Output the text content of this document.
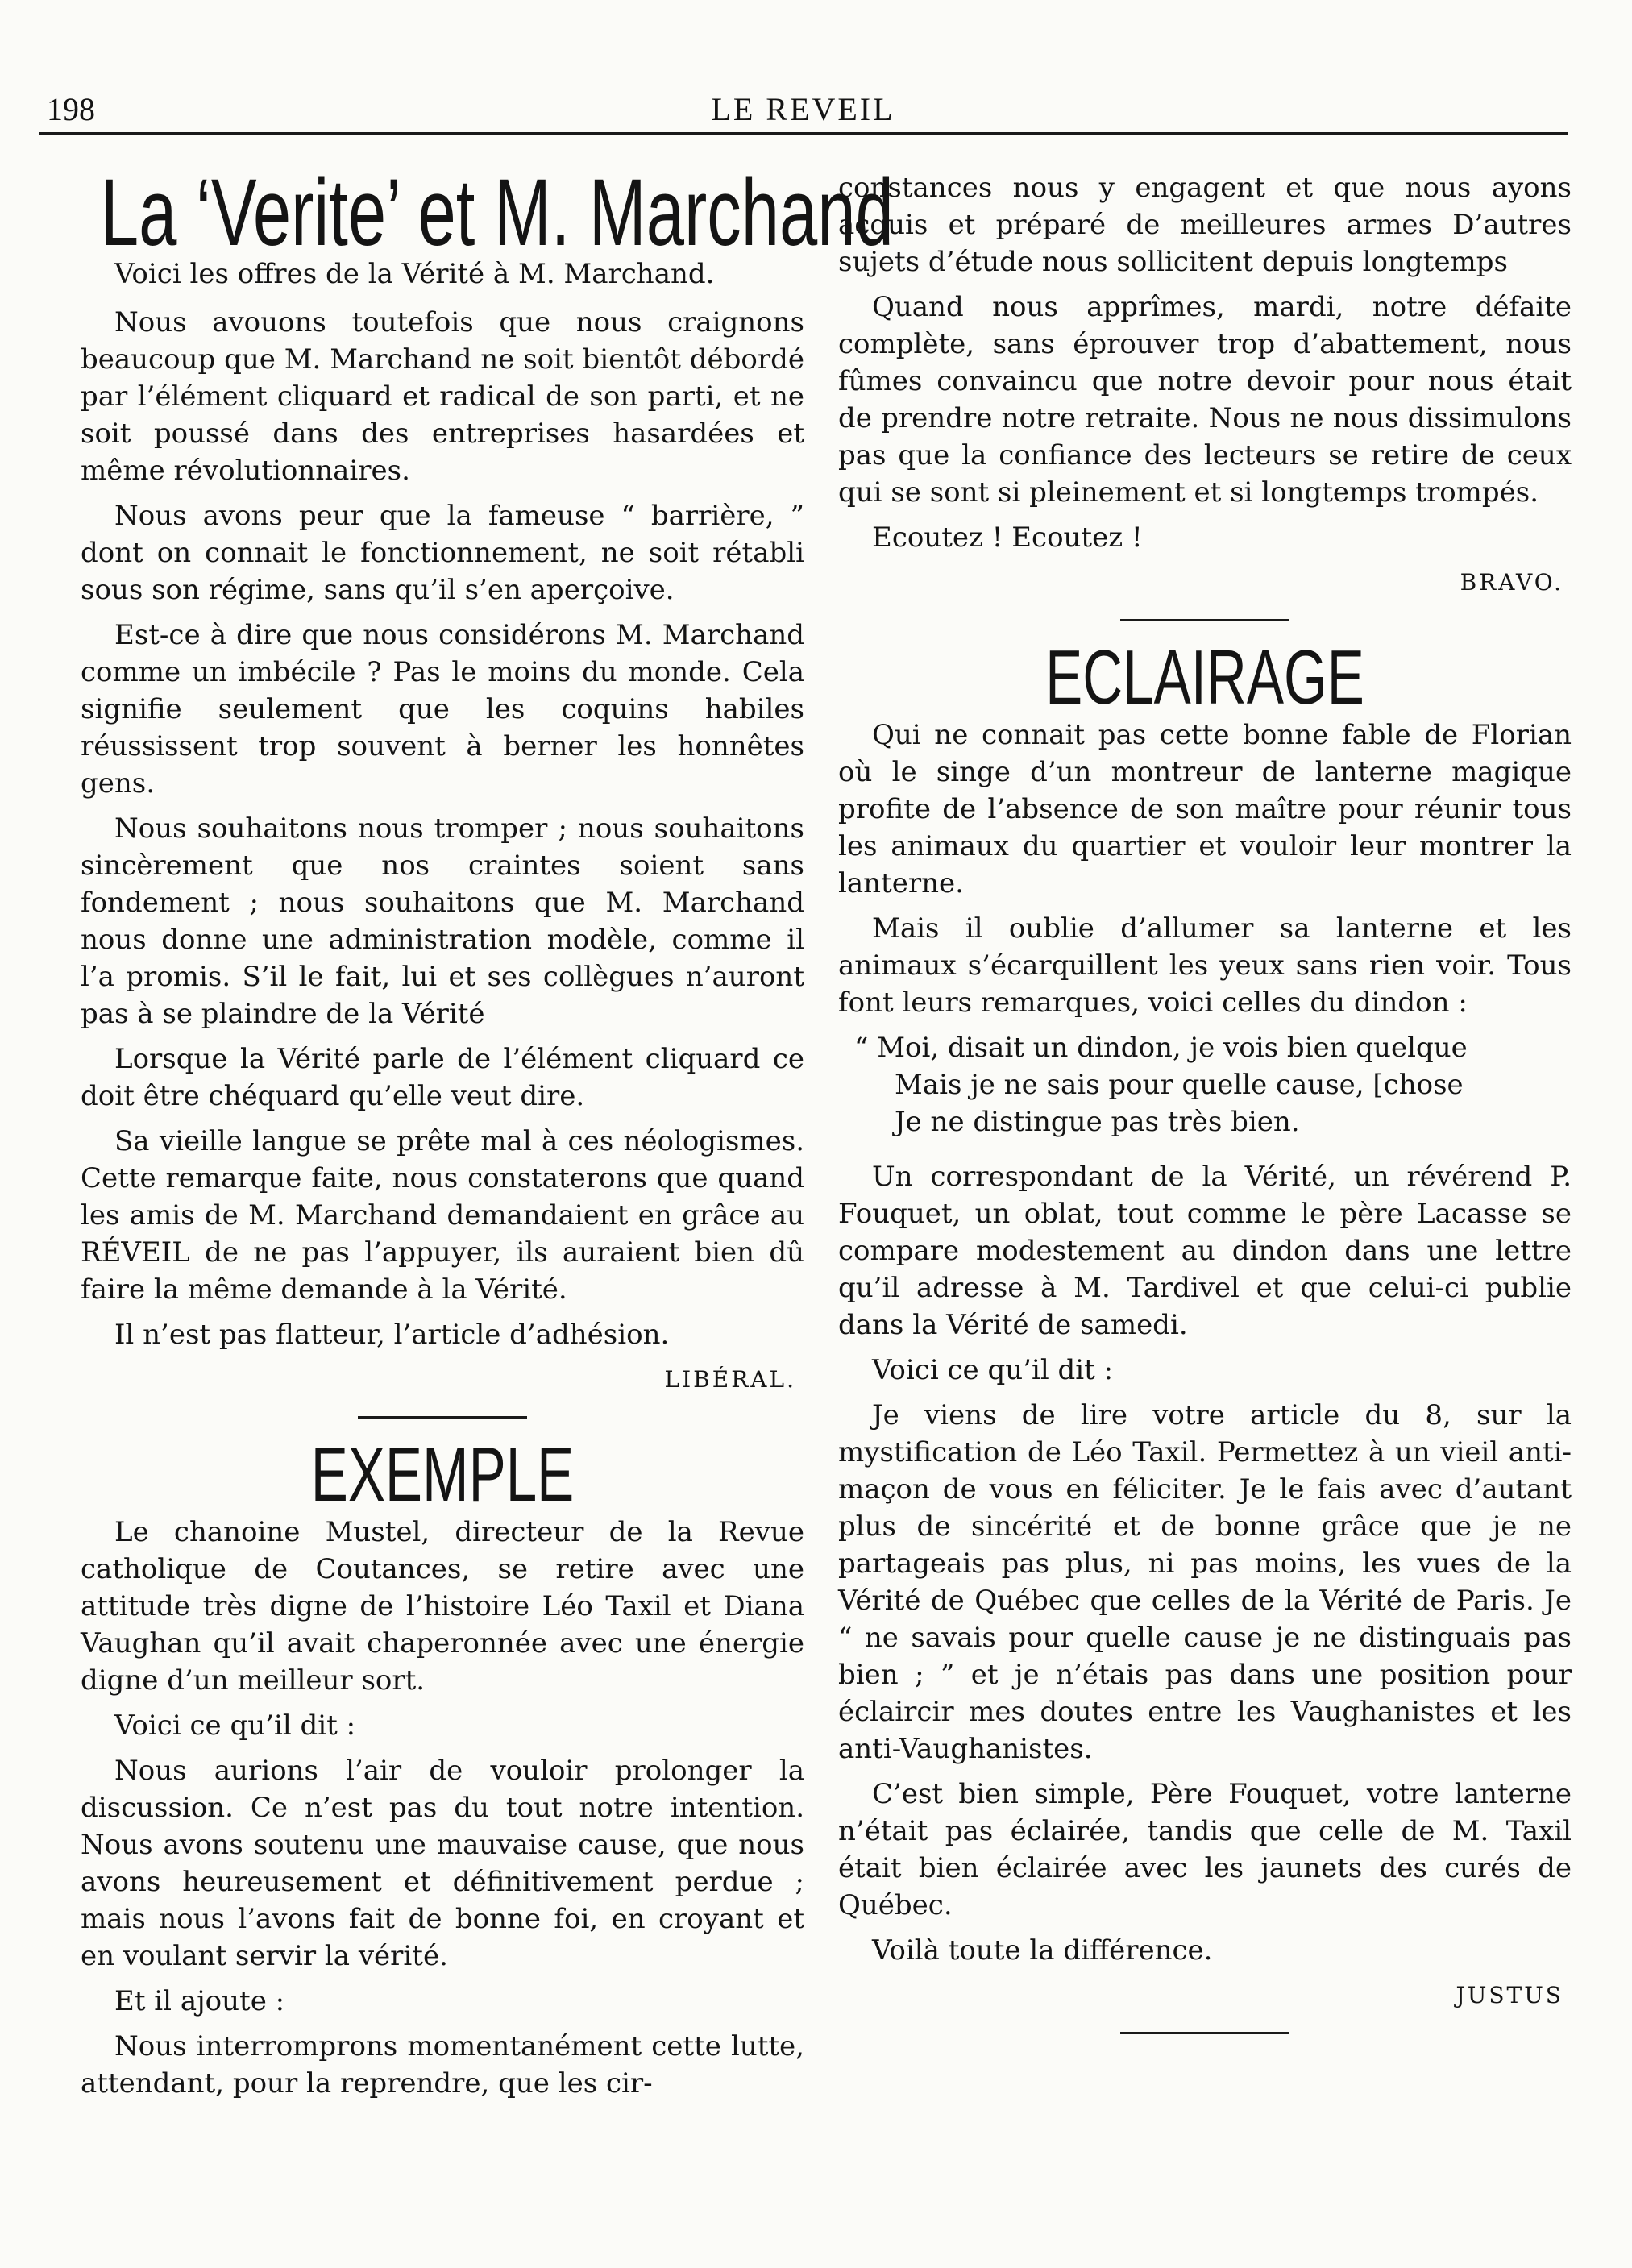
198	LE REVEIL
La ‘Verite’ et M. Marchand

Voici les offres de la Vérité à M. Marchand.

Nous avouons toutefois que nous craignons beaucoup que M. Marchand ne soit bientôt débordé par l’élément cliquard et radical de son parti, et ne soit poussé dans des entreprises hasardées et même révolutionnaires.

Nous avons peur que la fameuse “ barrière, ” dont on connait le fonctionnement, ne soit rétabli sous son régime, sans qu’il s’en aperçoive.

Est-ce à dire que nous considérons M. Marchand comme un imbécile ? Pas le moins du monde. Cela signifie seulement que les coquins habiles réussissent trop souvent à berner les honnêtes gens.

Nous souhaitons nous tromper ; nous souhaitons sincèrement que nos craintes soient sans fondement ; nous souhaitons que M. Marchand nous donne une administration modèle, comme il l’a promis. S’il le fait, lui et ses collègues n’auront pas à se plaindre de la Vérité

Lorsque la Vérité parle de l’élément cliquard ce doit être chéquard qu’elle veut dire.

Sa vieille langue se prête mal à ces néologismes. Cette remarque faite, nous constaterons que quand les amis de M. Marchand demandaient en grâce au RÉVEIL de ne pas l’appuyer, ils auraient bien dû faire la même demande à la Vérité.

Il n’est pas flatteur, l’article d’adhésion.

LIBÉRAL.
EXEMPLE

Le chanoine Mustel, directeur de la Revue catholique de Coutances, se retire avec une attitude très digne de l’histoire Léo Taxil et Diana Vaughan qu’il avait chaperonnée avec une énergie digne d’un meilleur sort.

Voici ce qu’il dit :

Nous aurions l’air de vouloir prolonger la discussion. Ce n’est pas du tout notre intention. Nous avons soutenu une mauvaise cause, que nous avons heureusement et définitivement perdue ; mais nous l’avons fait de bonne foi, en croyant et en voulant servir la vérité.

Et il ajoute :

Nous interromprons momentanément cette lutte, attendant, pour la reprendre, que les cir-

constances nous y engagent et que nous ayons acquis et préparé de meilleures armes D’autres sujets d’étude nous sollicitent depuis longtemps

Quand nous apprîmes, mardi, notre défaite complète, sans éprouver trop d’abattement, nous fûmes convaincu que notre devoir pour nous était de prendre notre retraite. Nous ne nous dissimulons pas que la confiance des lecteurs se retire de ceux qui se sont si pleinement et si longtemps trompés.

Ecoutez ! Ecoutez !

BRAVO.
ECLAIRAGE

Qui ne connait pas cette bonne fable de Florian où le singe d’un montreur de lanterne magique profite de l’absence de son maître pour réunir tous les animaux du quartier et vouloir leur montrer la lanterne.

Mais il oublie d’allumer sa lanterne et les animaux s’écarquillent les yeux sans rien voir. Tous font leurs remarques, voici celles du dindon :

“ Moi, disait un dindon, je vois bien quelque
Mais je ne sais pour quelle cause, [chose
Je ne distingue pas très bien.

Un correspondant de la Vérité, un révérend P. Fouquet, un oblat, tout comme le père Lacasse se compare modestement au dindon dans une lettre qu’il adresse à M. Tardivel et que celui-ci publie dans la Vérité de samedi.

Voici ce qu’il dit :

Je viens de lire votre article du 8, sur la mystification de Léo Taxil. Permettez à un vieil anti-maçon de vous en féliciter. Je le fais avec d’autant plus de sincérité et de bonne grâce que je ne partageais pas plus, ni pas moins, les vues de la Vérité de Québec que celles de la Vérité de Paris. Je “ ne savais pour quelle cause je ne distinguais pas bien ; ” et je n’étais pas dans une position pour éclaircir mes doutes entre les Vaughanistes et les anti-Vaughanistes.

C’est bien simple, Père Fouquet, votre lanterne n’était pas éclairée, tandis que celle de M. Taxil était bien éclairée avec les jaunets des curés de Québec.

Voilà toute la différence.

JUSTUS
